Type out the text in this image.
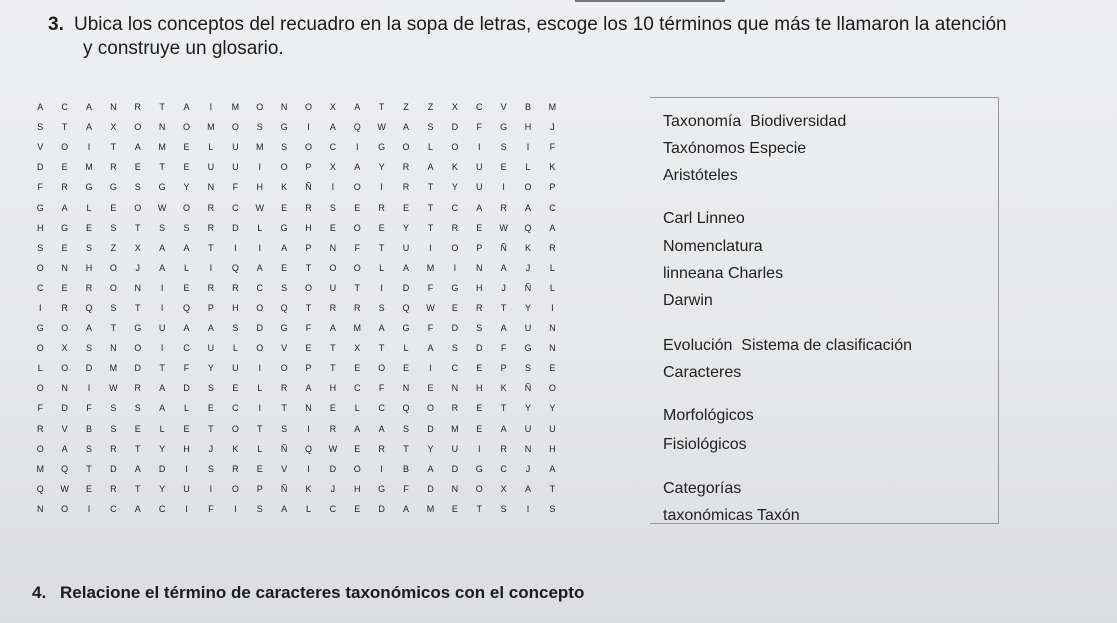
3. Ubica los conceptos del recuadro en la sopa de letras, escoge los 10 términos que más te llamaron la atención
y construye un glosario.
A	C	A	N	R	T	A	I	M	O	N	O	X	A	T	Z	Z	X	C	V	B	M
S	T	A	X	O	N	O	M	O	S	G	I	A	Q	W	A	S	D	F	G	H	J
V	O	I	T	A	M	E	L	U	M	S	O	C	I	G	O	L	O	I	S	I	F
D	E	M	R	E	T	E	U	U	I	O	P	X	A	Y	R	A	K	U	E	L	K
F	R	G	G	S	G	Y	N	F	H	K	Ñ	I	O	I	R	T	Y	U	I	O	P
G	A	L	E	O	W	O	R	C	W	E	R	S	E	R	E	T	C	A	R	A	C
H	G	E	S	T	S	S	R	D	L	G	H	E	O	E	Y	T	R	E	W	Q	A
S	E	S	Z	X	A	A	T	I	I	A	P	N	F	T	U	I	O	P	Ñ	K	R
O	N	H	O	J	A	L	I	Q	A	E	T	O	O	L	A	M	I	N	A	J	L
C	E	R	O	N	I	E	R	R	C	S	O	U	T	I	D	F	G	H	J	Ñ	L
I	R	Q	S	T	I	Q	P	H	O	Q	T	R	R	S	Q	W	E	R	T	Y	I
G	O	A	T	G	U	A	A	S	D	G	F	A	M	A	G	F	D	S	A	U	N
O	X	S	N	O	I	C	U	L	O	V	E	T	X	T	L	A	S	D	F	G	N
L	O	D	M	D	T	F	Y	U	I	O	P	T	E	O	E	I	C	E	P	S	E
O	N	I	W	R	A	D	S	E	L	R	A	H	C	F	N	E	N	H	K	Ñ	O
F	D	F	S	S	A	L	E	C	I	T	N	E	L	C	Q	O	R	E	T	Y	Y
R	V	B	S	E	L	E	T	O	T	S	I	R	A	A	S	D	M	E	A	U	U
O	A	S	R	T	Y	H	J	K	L	Ñ	Q	W	E	R	T	Y	U	I	R	N	H
M	Q	T	D	A	D	I	S	R	E	V	I	D	O	I	B	A	D	G	C	J	A
Q	W	E	R	T	Y	U	I	O	P	Ñ	K	J	H	G	F	D	N	O	X	A	T
N	O	I	C	A	C	I	F	I	S	A	L	C	E	D	A	M	E	T	S	I	S
Taxonomía  Biodiversidad
Taxónomos Especie
Aristóteles
Carl Linneo
Nomenclatura
linneana Charles
Darwin
Evolución  Sistema de clasificación
Caracteres
Morfológicos
Fisiológicos
Categorías
taxonómicas Taxón
4. Relacione el término de caracteres taxonómicos con el concepto
